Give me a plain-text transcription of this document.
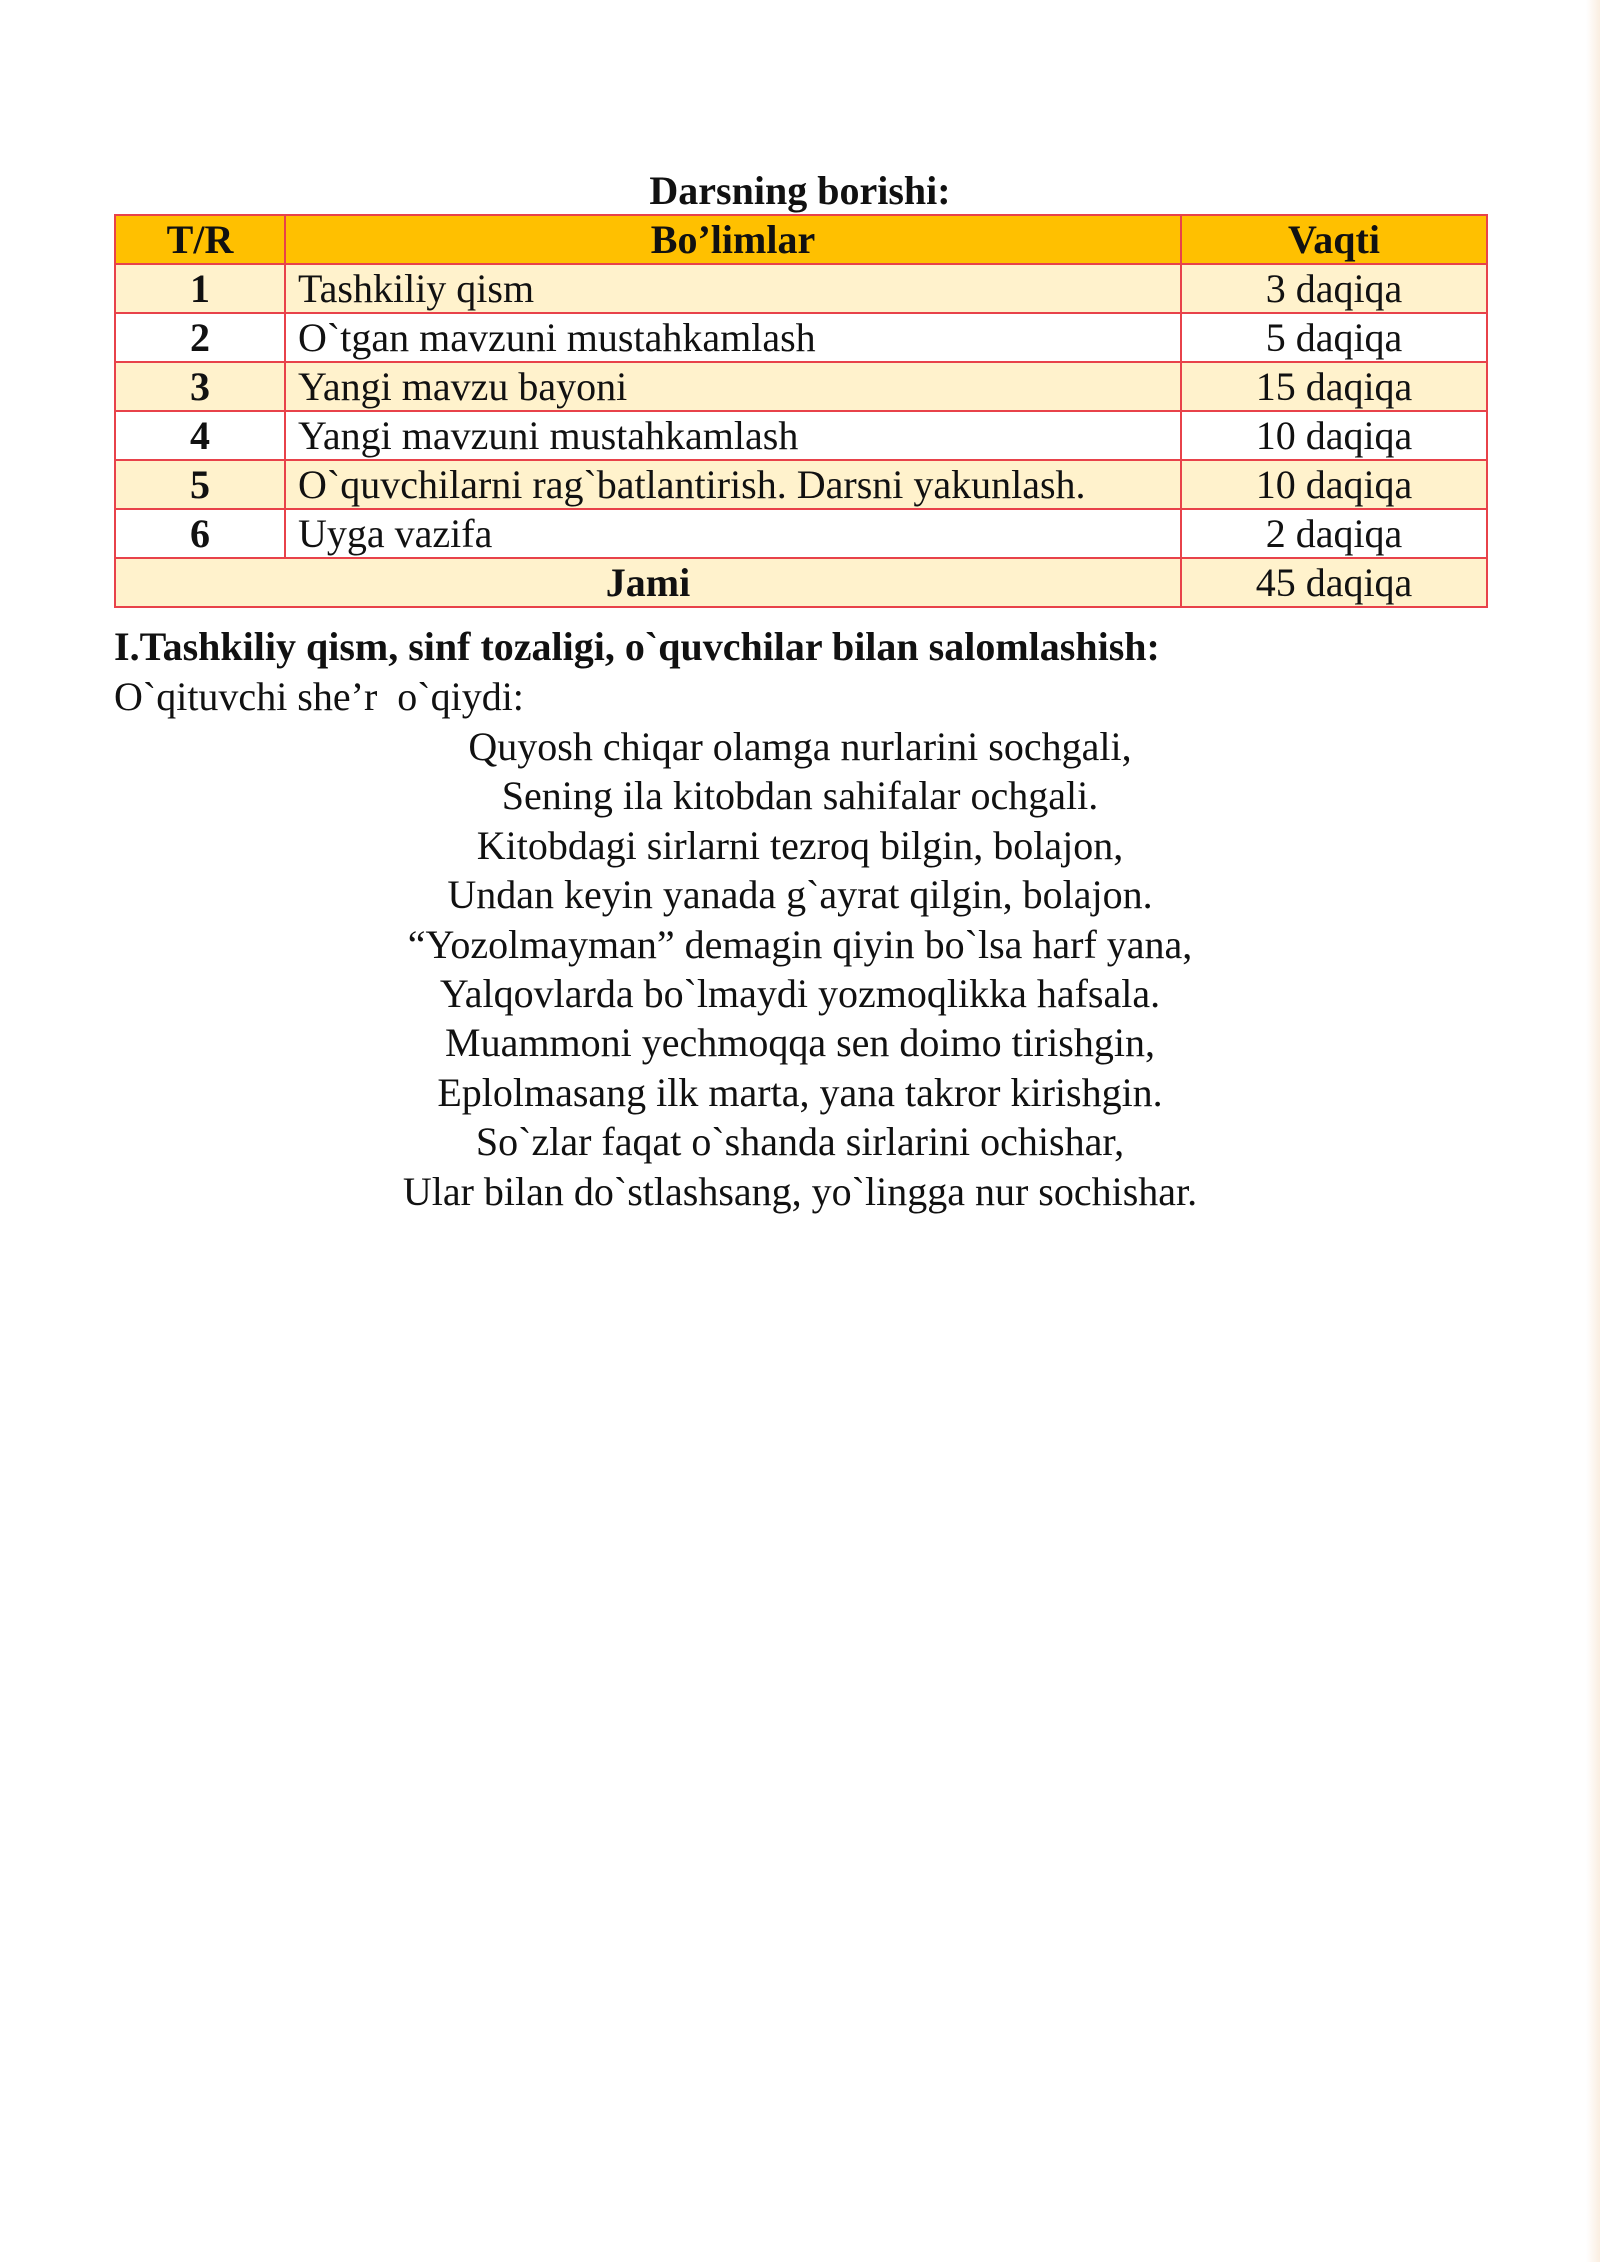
Darsning borishi:
T/R	Bo’limlar	Vaqti
1	Tashkiliy qism	3 daqiqa
2	O`tgan mavzuni mustahkamlash	5 daqiqa
3	Yangi mavzu bayoni	15 daqiqa
4	Yangi mavzuni mustahkamlash	10 daqiqa
5	O`quvchilarni rag`batlantirish. Darsni yakunlash.	10 daqiqa
6	Uyga vazifa	2 daqiqa
Jami		45 daqiqa
I.Tashkiliy qism, sinf tozaligi, o`quvchilar bilan salomlashish:
O`qituvchi she’r  o`qiydi:
Quyosh chiqar olamga nurlarini sochgali,
Sening ila kitobdan sahifalar ochgali.
Kitobdagi sirlarni tezroq bilgin, bolajon,
Undan keyin yanada g`ayrat qilgin, bolajon.
“Yozolmayman” demagin qiyin bo`lsa harf yana,
Yalqovlarda bo`lmaydi yozmoqlikka hafsala.
Muammoni yechmoqqa sen doimo tirishgin,
Eplolmasang ilk marta, yana takror kirishgin.
So`zlar faqat o`shanda sirlarini ochishar,
Ular bilan do`stlashsang, yo`lingga nur sochishar.
